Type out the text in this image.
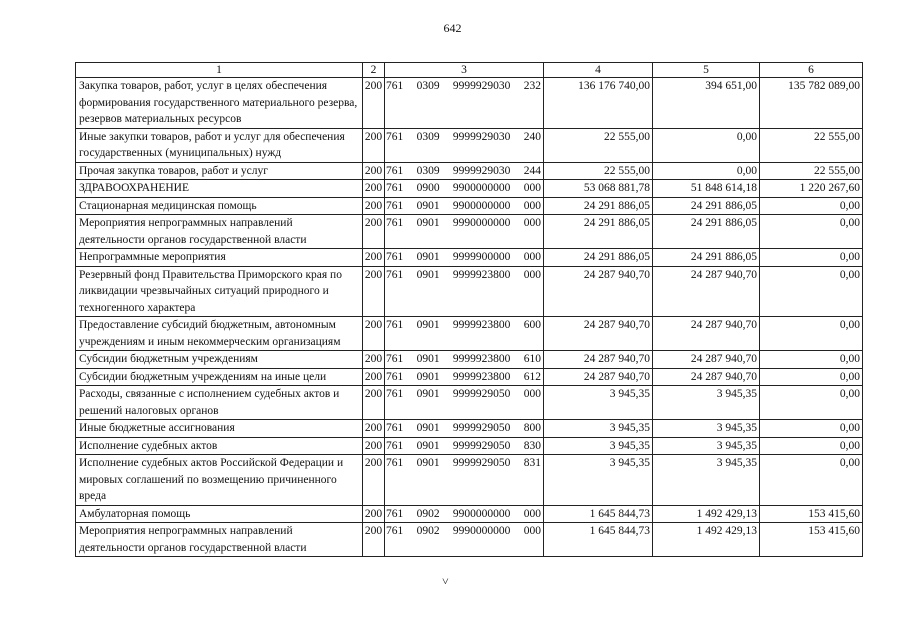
642
1	2	3	4	5	6
Закупка товаров, работ, услуг в целях обеспечения формирования государственного материального резерва, резервов материальных ресурсов	200	761 0309 9999929030 232	136 176 740,00	394 651,00	135 782 089,00
Иные закупки товаров, работ и услуг для обеспечения государственных (муниципальных) нужд	200	761 0309 9999929030 240	22 555,00	0,00	22 555,00
Прочая закупка товаров, работ и услуг	200	761 0309 9999929030 244	22 555,00	0,00	22 555,00
ЗДРАВООХРАНЕНИЕ	200	761 0900 9900000000 000	53 068 881,78	51 848 614,18	1 220 267,60
Стационарная медицинская помощь	200	761 0901 9900000000 000	24 291 886,05	24 291 886,05	0,00
Мероприятия непрограммных направлений деятельности органов государственной власти	200	761 0901 9990000000 000	24 291 886,05	24 291 886,05	0,00
Непрограммные мероприятия	200	761 0901 9999900000 000	24 291 886,05	24 291 886,05	0,00
Резервный фонд Правительства Приморского края по ликвидации чрезвычайных ситуаций природного и техногенного характера	200	761 0901 9999923800 000	24 287 940,70	24 287 940,70	0,00
Предоставление субсидий бюджетным, автономным учреждениям и иным некоммерческим организациям	200	761 0901 9999923800 600	24 287 940,70	24 287 940,70	0,00
Субсидии бюджетным учреждениям	200	761 0901 9999923800 610	24 287 940,70	24 287 940,70	0,00
Субсидии бюджетным учреждениям на иные цели	200	761 0901 9999923800 612	24 287 940,70	24 287 940,70	0,00
Расходы, связанные с исполнением судебных актов и решений налоговых органов	200	761 0901 9999929050 000	3 945,35	3 945,35	0,00
Иные бюджетные ассигнования	200	761 0901 9999929050 800	3 945,35	3 945,35	0,00
Исполнение судебных актов	200	761 0901 9999929050 830	3 945,35	3 945,35	0,00
Исполнение судебных актов Российской Федерации и мировых соглашений по возмещению причиненного вреда	200	761 0901 9999929050 831	3 945,35	3 945,35	0,00
Амбулаторная помощь	200	761 0902 9900000000 000	1 645 844,73	1 492 429,13	153 415,60
Мероприятия непрограммных направлений деятельности органов государственной власти	200	761 0902 9990000000 000	1 645 844,73	1 492 429,13	153 415,60
˅
